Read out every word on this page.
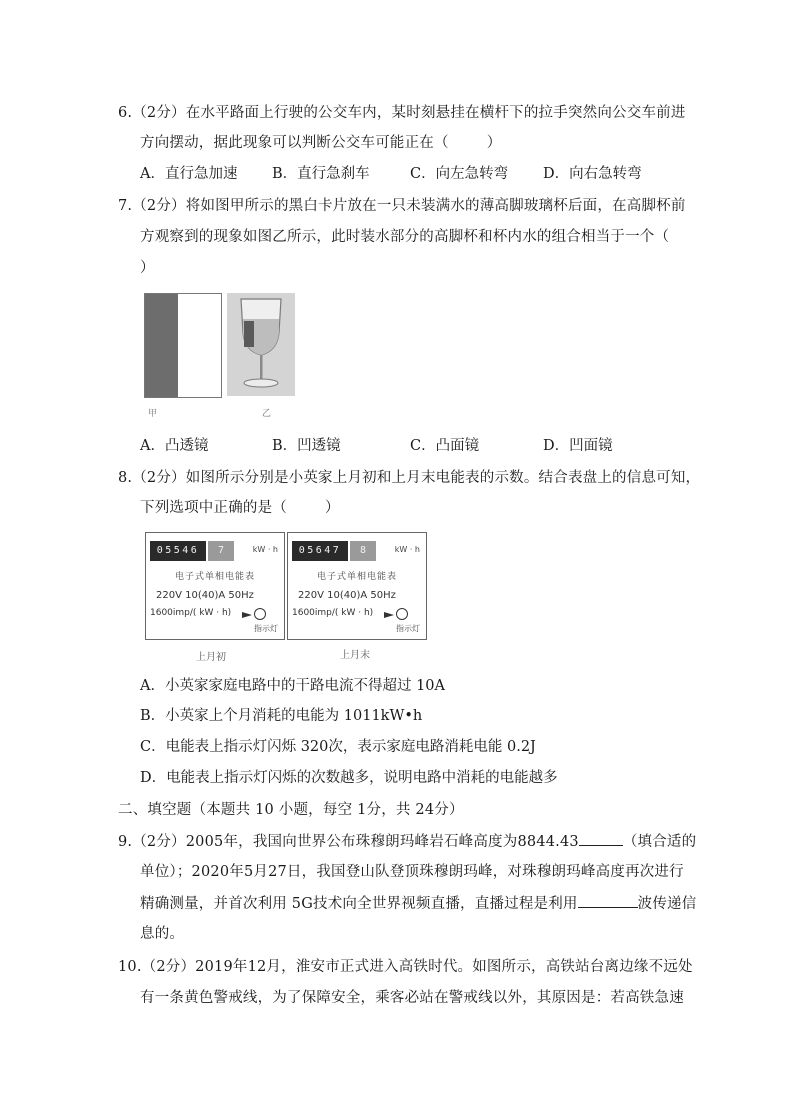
6.（2分）在水平路面上行驶的公交车内，某时刻悬挂在横杆下的拉手突然向公交车前进
方向摆动，据此现象可以判断公交车可能正在（	）
A．直行急加速 B．直行急刹车	C．向左急转弯 D．向右急转弯
7.（2分）将如图甲所示的黑白卡片放在一只未装满水的薄高脚玻璃杯后面，在高脚杯前
方观察到的现象如图乙所示，此时装水部分的高脚杯和杯内水的组合相当于一个（
）
甲	乙
A．凸透镜	B．凹透镜	C．凸面镜	D．凹面镜
8.（2分）如图所示分别是小英家上月初和上月末电能表的示数。结合表盘上的信息可知，
下列选项中正确的是（	）
05546	7	kW · h
电子式单相电能表
220V 10(40)A 50Hz
1600imp/( kW · h)
指示灯
上月初
05647	8	kW · h
电子式单相电能表
220V 10(40)A 50Hz
1600imp/( kW · h)
指示灯
上月末
A．小英家家庭电路中的干路电流不得超过 10A
B．小英家上个月消耗的电能为 1011kW•h
C．电能表上指示灯闪烁 320次，表示家庭电路消耗电能 0.2J
D．电能表上指示灯闪烁的次数越多，说明电路中消耗的电能越多
二、填空题（本题共 10 小题，每空 1分，共 24分）
9.（2分）2005年，我国向世界公布珠穆朗玛峰岩石峰高度为8844.43	（填合适的
单位）；2020年5月27日，我国登山队登顶珠穆朗玛峰，对珠穆朗玛峰高度再次进行
精确测量，并首次利用 5G技术向全世界视频直播，直播过程是利用	波传递信
息的。
10.（2分）2019年12月，淮安市正式进入高铁时代。如图所示，高铁站台离边缘不远处
有一条黄色警戒线，为了保障安全，乘客必站在警戒线以外，其原因是：若高铁急速
